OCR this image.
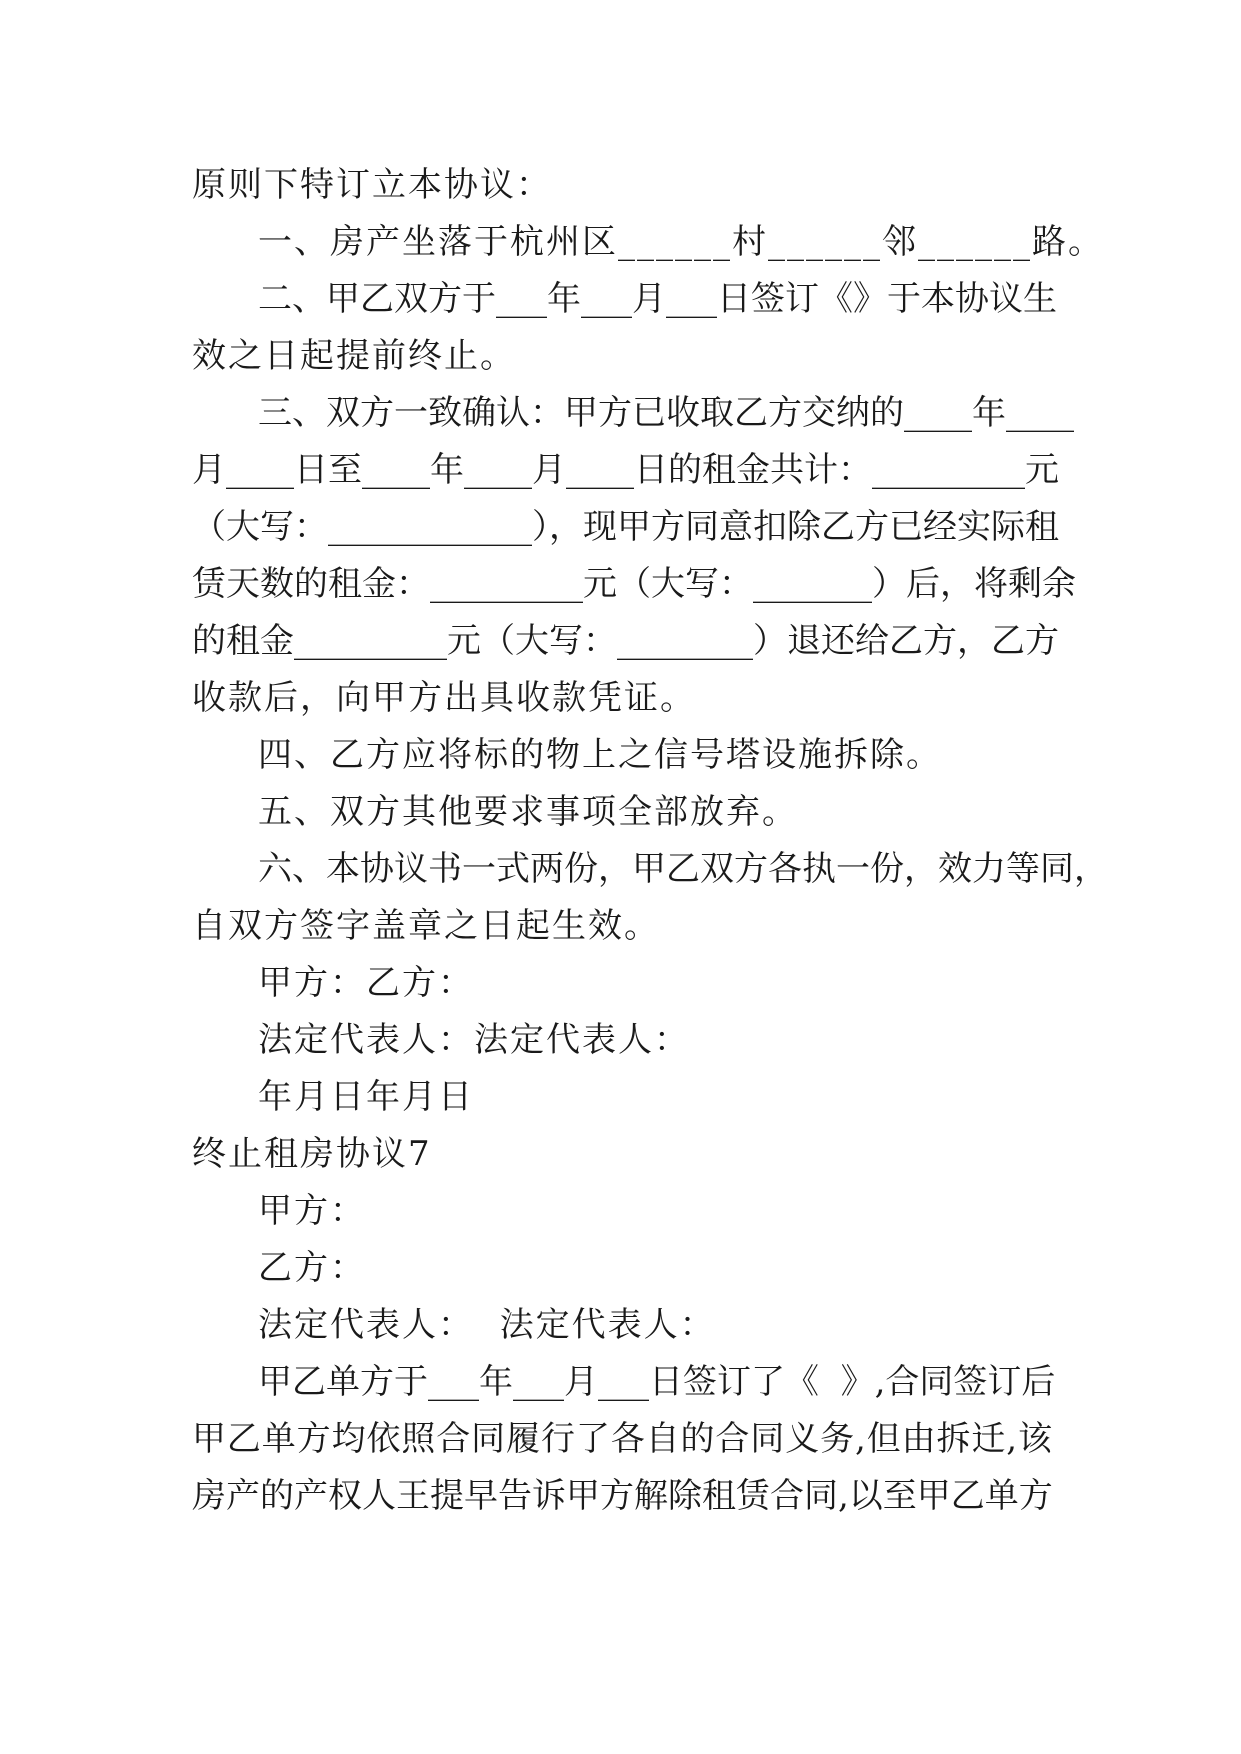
原则下特订立本协议：
一、房产坐落于杭州区______村______邻______路。
二、甲乙双方于___年___月___日签订《》于本协议生
效之日起提前终止。
三、双方一致确认：甲方已收取乙方交纳的____年____
月____日至____年____月____日的租金共计：_________元
（大写：____________），现甲方同意扣除乙方已经实际租
赁天数的租金：_________元（大写：_______）后，将剩余
的租金_________元（大写：________）退还给乙方，乙方
收款后，向甲方出具收款凭证。
四、乙方应将标的物上之信号塔设施拆除。
五、双方其他要求事项全部放弃。
六、本协议书一式两份，甲乙双方各执一份，效力等同，
自双方签字盖章之日起生效。
甲方：乙方：
法定代表人：法定代表人：
年月日年月日
终止租房协议7
甲方：
乙方：
法定代表人：  法定代表人：
甲乙单方于___年___月___日签订了《  》,合同签订后
甲乙单方均依照合同履行了各自的合同义务,但由拆迁,该
房产的产权人王提早告诉甲方解除租赁合同,以至甲乙单方
